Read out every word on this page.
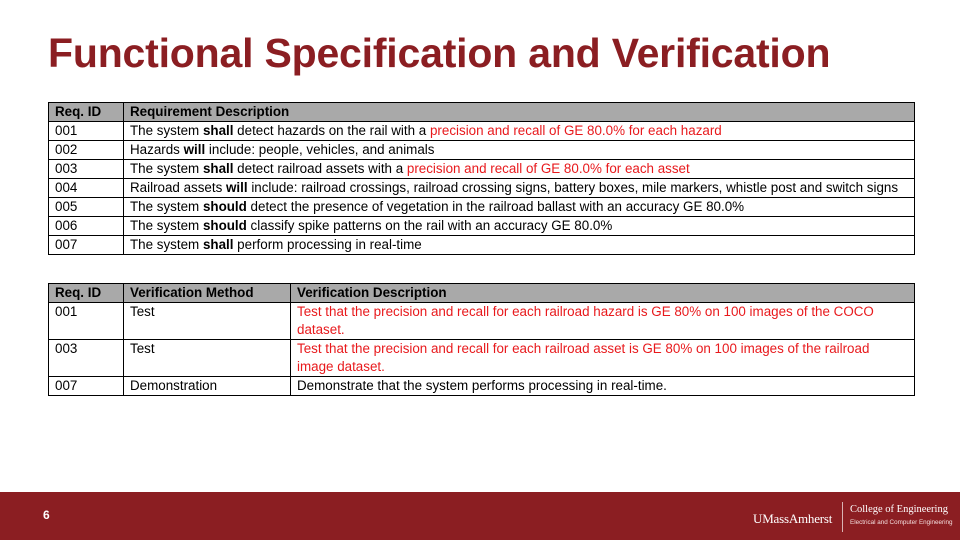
Functional Specification and Verification
Req. ID	Requirement Description
001	The system shall detect hazards on the rail with a precision and recall of GE 80.0% for each hazard
002	Hazards will include: people, vehicles, and animals
003	The system shall detect railroad assets with a precision and recall of GE 80.0% for each asset
004	Railroad assets will include: railroad crossings, railroad crossing signs, battery boxes, mile markers, whistle post and switch signs
005	The system should detect the presence of vegetation in the railroad ballast with an accuracy GE 80.0%
006	The system should classify spike patterns on the rail with an accuracy GE 80.0%
007	The system shall perform processing in real-time
Req. ID	Verification Method	Verification Description
001	Test	Test that the precision and recall for each railroad hazard is GE 80% on 100 images of the COCO dataset.
003	Test	Test that the precision and recall for each railroad asset is GE 80% on 100 images of the railroad image dataset.
007	Demonstration	Demonstrate that the system performs processing in real-time.
6	UMassAmherst
College of Engineering
Electrical and Computer Engineering
